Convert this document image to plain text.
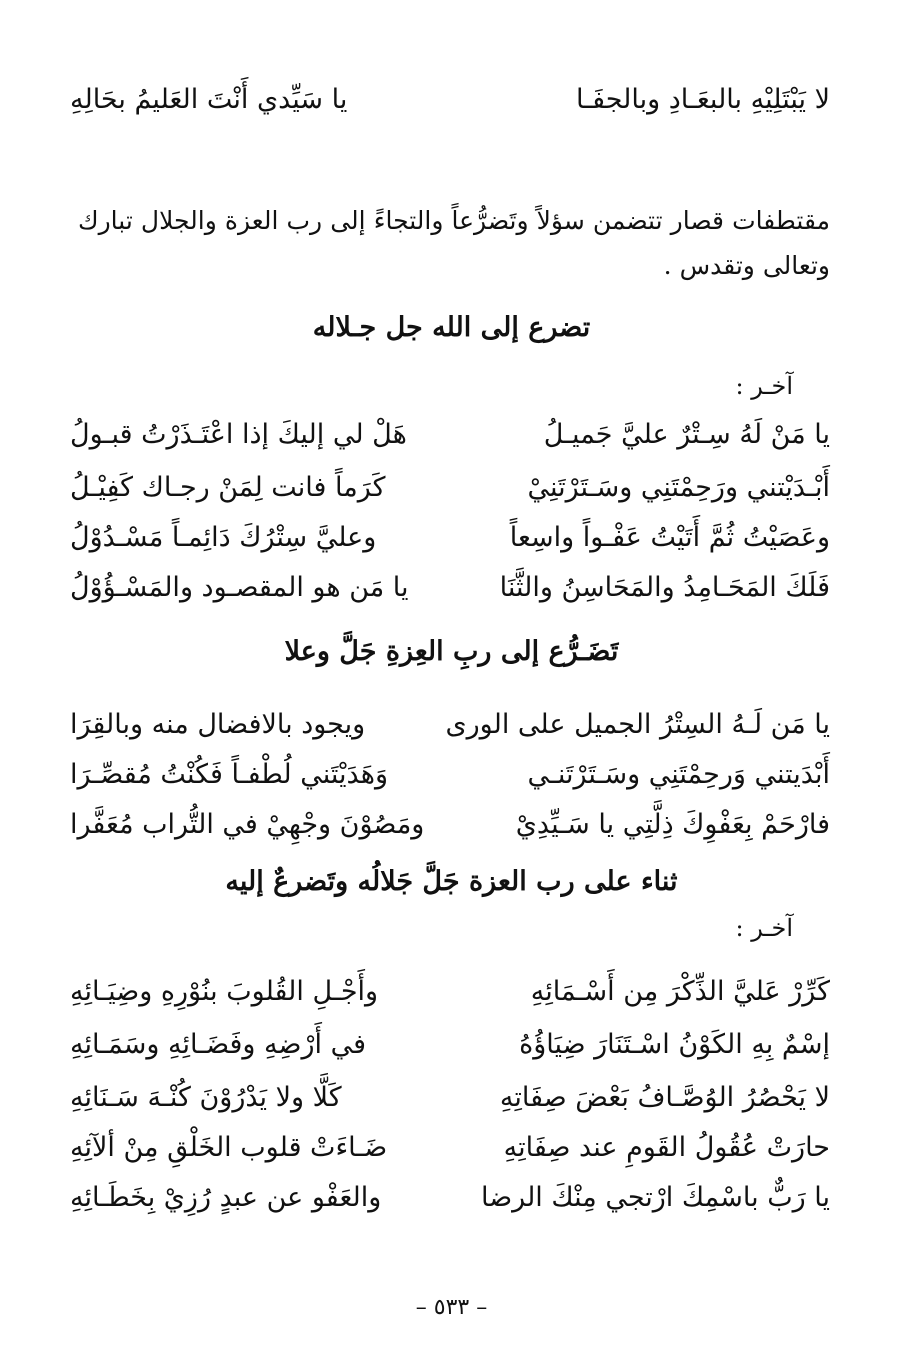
لا يَبْتَلِيْهِ بالبعَـادِ وبالجفَـا
يا سَيِّدي أَنْتَ العَليمُ بحَالِهِ
مقتطفات قصار تتضمن سؤلاً وتَضرُّعاً والتجاءً إلى رب العزة والجلال تبارك وتعالى وتقدس .
تضرع إلى الله جل جـلاله
آخـر :
يا مَنْ لَهُ سِـتْرٌ عليَّ جَميـلُ
هَلْ لي إليكَ إذا اعْتَـذَرْتُ قبـولُ
أَبْـدَيْتني ورَحِمْتَنِي وسَـتَرْتَنِيْ
كَرَماً فانت لِمَنْ رجـاك كَفِيْـلُ
وعَصَيْتُ ثُمَّ أَتَيْتُ عَفْـواً واسِعاً
وعليَّ سِتْرُكَ دَائِمـاً مَسْـدُوْلُ
فَلَكَ المَحَـامِدُ والمَحَاسِنُ والثَّنَا
يا مَن هو المقصـود والمَسْـؤُوْلُ
تَضَـرُّع إلى ربِ العِزةِ جَلَّ وعلا
يا مَن لَـهُ السِتْرُ الجميل على الورى
ويجود بالافضال منه وبالقِرَا
أَبْدَيتني وَرحِمْتَنِي وسَـتَرْتَنـي
وَهَدَيْتَني لُطْفـاً فَكُنْتُ مُقصِّـرَا
فارْحَمْ بِعَفْوِكَ ذِلَّتِي يا سَـيِّدِيْ
ومَصُوْنَ وجْهِيْ في التُّراب مُعَفَّرا
ثناء على رب العزة جَلَّ جَلالُه وتَضرعٌ إليه
آخـر :
كَرِّرْ عَليَّ الذِّكْرَ مِن أَسْـمَائِهِ
وأَجْـلِ القُلوبَ بنُوْرِهِ وضِيَـائِهِ
إسْمٌ بِهِ الكَوْنُ اسْـتَنَارَ ضِيَاؤُهُ
في أَرْضِهِ وفَضَـائِهِ وسَمَـائِهِ
لا يَحْصُرُ الوُصَّـافُ بَعْضَ صِفَاتِهِ
كَلَّا ولا يَدْرُوْنَ كُنْـهَ سَـنَائِهِ
حارَتْ عُقُولُ القَومِ عند صِفَاتِهِ
ضَـاءَتْ قلوب الخَلْقِ مِنْ ألآئِهِ
يا رَبٌّ باسْمِكَ ارْتجي مِنْكَ الرضا
والعَفْو عن عبدٍ رُزِيْ بِخَطَـائِهِ
– ٥٣٣ –
